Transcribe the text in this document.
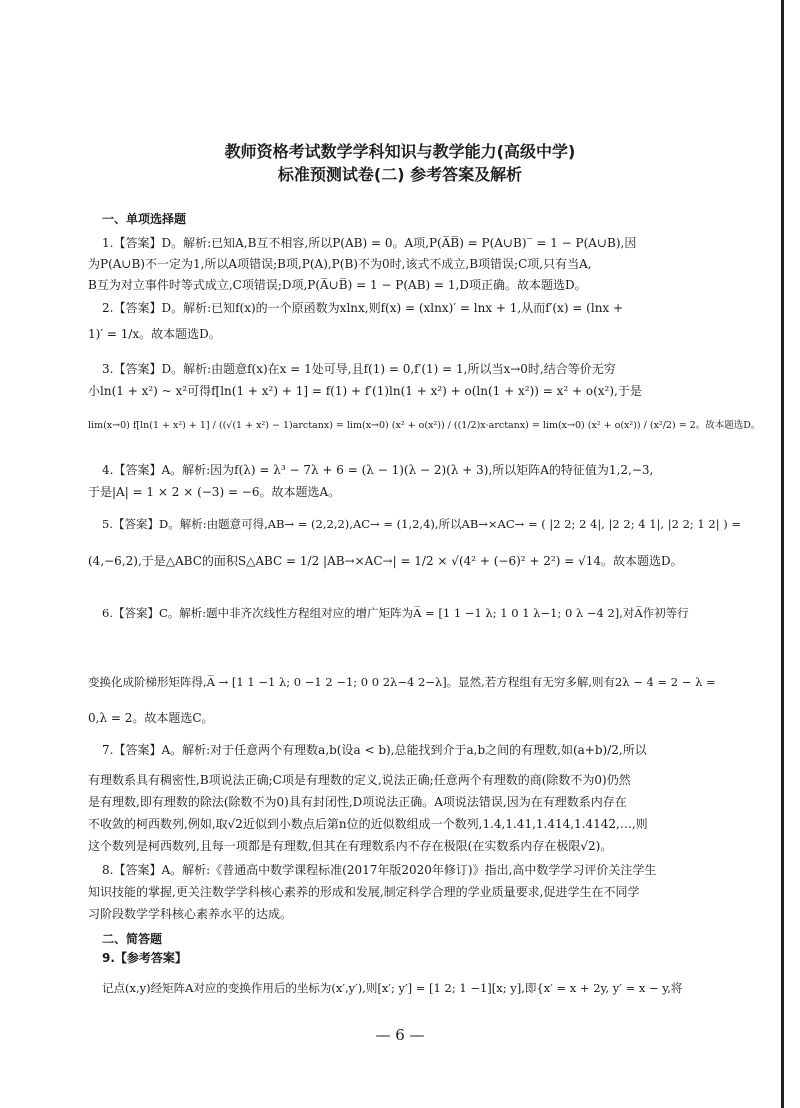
教师资格考试数学学科知识与教学能力(高级中学)
标准预测试卷(二) 参考答案及解析
一、单项选择题
1.【答案】D。解析:已知A,B互不相容,所以P(AB) = 0。A项,P(A̅B̅) = P(A∪B)‾ = 1 − P(A∪B),因
为P(A∪B)不一定为1,所以A项错误;B项,P(A),P(B)不为0时,该式不成立,B项错误;C项,只有当A,
B互为对立事件时等式成立,C项错误;D项,P(A̅∪B̅) = 1 − P(AB) = 1,D项正确。故本题选D。
2.【答案】D。解析:已知f(x)的一个原函数为xlnx,则f(x) = (xlnx)′ = lnx + 1,从而f′(x) = (lnx +
1)′ = 1/x。故本题选D。
3.【答案】D。解析:由题意f(x)在x = 1处可导,且f(1) = 0,f′(1) = 1,所以当x→0时,结合等价无穷
小ln(1 + x²) ~ x²可得f[ln(1 + x²) + 1] = f(1) + f′(1)ln(1 + x²) + o(ln(1 + x²)) = x² + o(x²),于是
lim(x→0) f[ln(1 + x²) + 1] / ((√(1 + x²) − 1)arctanx) = lim(x→0) (x² + o(x²)) / ((1/2)x·arctanx) = lim(x→0) (x² + o(x²)) / (x²/2) = 2。故本题选D。
4.【答案】A。解析:因为f(λ) = λ³ − 7λ + 6 = (λ − 1)(λ − 2)(λ + 3),所以矩阵A的特征值为1,2,−3,
于是|A| = 1 × 2 × (−3) = −6。故本题选A。
5.【答案】D。解析:由题意可得,AB→ = (2,2,2),AC→ = (1,2,4),所以AB→×AC→ = ( |2 2; 2 4|, |2 2; 4 1|, |2 2; 1 2| ) =
(4,−6,2),于是△ABC的面积S△ABC = 1/2 |AB→×AC→| = 1/2 × √(4² + (−6)² + 2²) = √14。故本题选D。
6.【答案】C。解析:题中非齐次线性方程组对应的增广矩阵为A̅ = [1 1 −1 λ; 1 0 1 λ−1; 0 λ −4 2],对A̅作初等行
变换化成阶梯形矩阵得,A̅ → [1 1 −1 λ; 0 −1 2 −1; 0 0 2λ−4 2−λ]。显然,若方程组有无穷多解,则有2λ − 4 = 2 − λ =
0,λ = 2。故本题选C。
7.【答案】A。解析:对于任意两个有理数a,b(设a < b),总能找到介于a,b之间的有理数,如(a+b)/2,所以
有理数系具有稠密性,B项说法正确;C项是有理数的定义,说法正确;任意两个有理数的商(除数不为0)仍然
是有理数,即有理数的除法(除数不为0)具有封闭性,D项说法正确。A项说法错误,因为在有理数系内存在
不收敛的柯西数列,例如,取√2近似到小数点后第n位的近似数组成一个数列,1.4,1.41,1.414,1.4142,…,则
这个数列是柯西数列,且每一项都是有理数,但其在有理数系内不存在极限(在实数系内存在极限√2)。
8.【答案】A。解析:《普通高中数学课程标准(2017年版2020年修订)》指出,高中数学学习评价关注学生
知识技能的掌握,更关注数学学科核心素养的形成和发展,制定科学合理的学业质量要求,促进学生在不同学
习阶段数学学科核心素养水平的达成。
二、简答题
9.【参考答案】
记点(x,y)经矩阵A对应的变换作用后的坐标为(x′,y′),则[x′; y′] = [1 2; 1 −1][x; y],即{x′ = x + 2y, y′ = x − y,将
— 6 —
